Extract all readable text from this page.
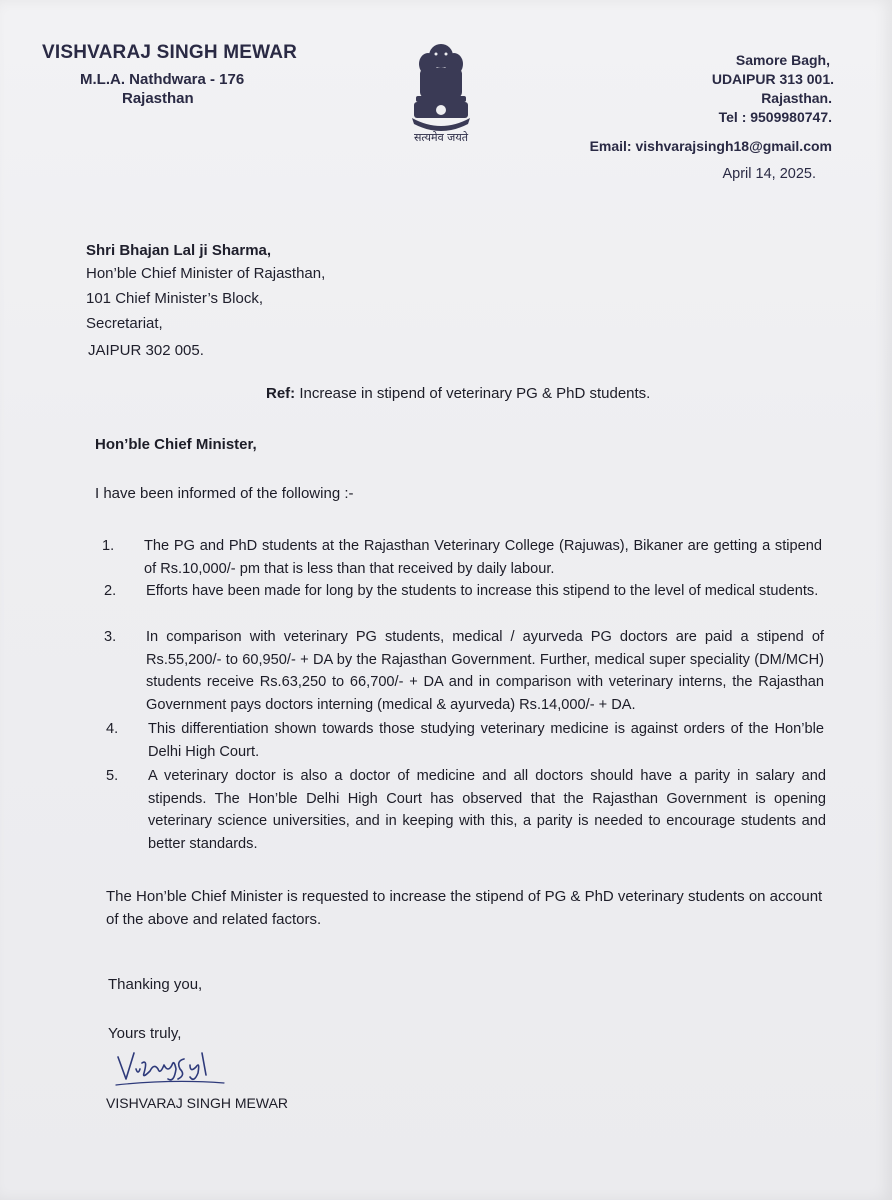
VISHVARAJ SINGH MEWAR
M.L.A. Nathdwara - 176
Rajasthan
सत्यमेव जयते
Samore Bagh,
UDAIPUR 313 001.
Rajasthan.
Tel : 9509980747.
Email: vishvarajsingh18@gmail.com
April 14, 2025.
Shri Bhajan Lal ji Sharma,
Hon’ble Chief Minister of Rajasthan,
101 Chief Minister’s Block,
Secretariat,
JAIPUR 302 005.
Ref: Increase in stipend of veterinary PG & PhD students.
Hon’ble Chief Minister,
I have been informed of the following :-
1.	The PG and PhD students at the Rajasthan Veterinary College (Rajuwas), Bikaner are getting a stipend of Rs.10,000/- pm that is less than that received by daily labour.
2.	Efforts have been made for long by the students to increase this stipend to the level of medical students.
3.	In comparison with veterinary PG students, medical / ayurveda PG doctors are paid a stipend of Rs.55,200/- to 60,950/- + DA by the Rajasthan Government. Further, medical super speciality (DM/MCH) students receive Rs.63,250 to 66,700/- + DA and in comparison with veterinary interns, the Rajasthan Government pays doctors interning (medical & ayurveda) Rs.14,000/- + DA.
4.	This differentiation shown towards those studying veterinary medicine is against orders of the Hon’ble Delhi High Court.
5.	A veterinary doctor is also a doctor of medicine and all doctors should have a parity in salary and stipends. The Hon’ble Delhi High Court has observed that the Rajasthan Government is opening veterinary science universities, and in keeping with this, a parity is needed to encourage students and better standards.
The Hon’ble Chief Minister is requested to increase the stipend of PG & PhD veterinary students on account of the above and related factors.
Thanking you,
Yours truly,
VISHVARAJ SINGH MEWAR
